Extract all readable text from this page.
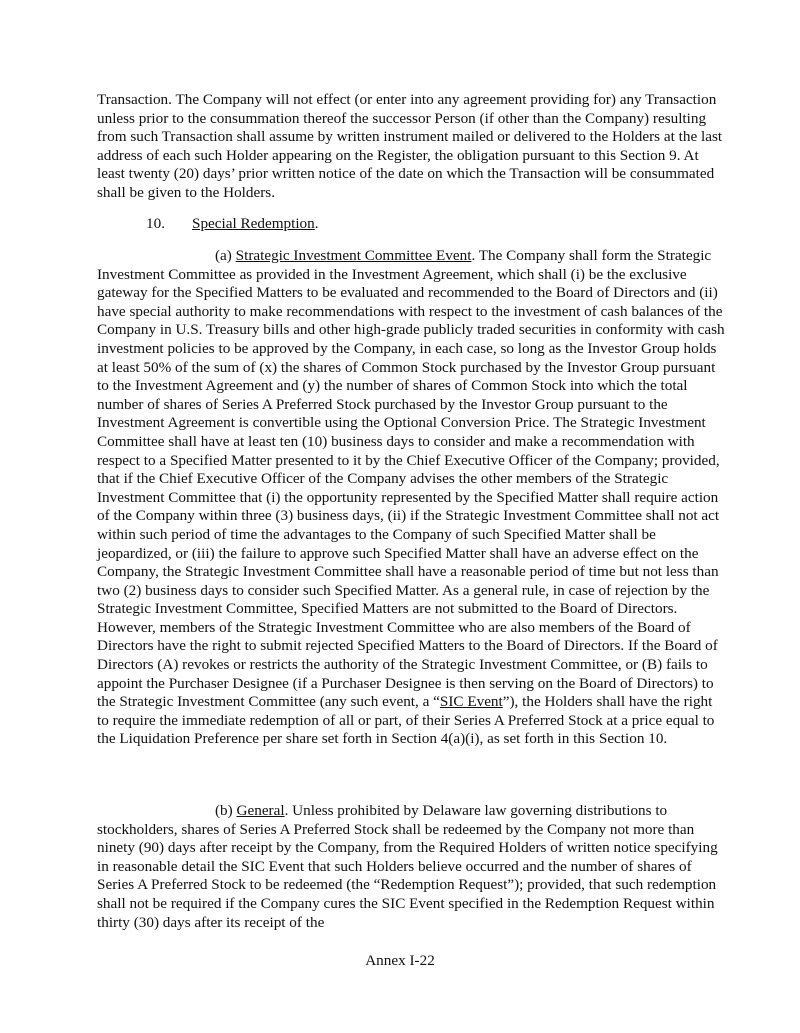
Transaction. The Company will not effect (or enter into any agreement providing for) any Transaction unless prior to the consummation thereof the successor Person (if other than the Company) resulting from such Transaction shall assume by written instrument mailed or delivered to the Holders at the last address of each such Holder appearing on the Register, the obligation pursuant to this Section 9. At least twenty (20) days’ prior written notice of the date on which the Transaction will be consummated shall be given to the Holders.

10. Special Redemption.

(a) Strategic Investment Committee Event. The Company shall form the Strategic Investment Committee as provided in the Investment Agreement, which shall (i) be the exclusive gateway for the Specified Matters to be evaluated and recommended to the Board of Directors and (ii) have special authority to make recommendations with respect to the investment of cash balances of the Company in U.S. Treasury bills and other high-grade publicly traded securities in conformity with cash investment policies to be approved by the Company, in each case, so long as the Investor Group holds at least 50% of the sum of (x) the shares of Common Stock purchased by the Investor Group pursuant to the Investment Agreement and (y) the number of shares of Common Stock into which the total number of shares of Series A Preferred Stock purchased by the Investor Group pursuant to the Investment Agreement is convertible using the Optional Conversion Price. The Strategic Investment Committee shall have at least ten (10) business days to consider and make a recommendation with respect to a Specified Matter presented to it by the Chief Executive Officer of the Company; provided, that if the Chief Executive Officer of the Company advises the other members of the Strategic Investment Committee that (i) the opportunity represented by the Specified Matter shall require action of the Company within three (3) business days, (ii) if the Strategic Investment Committee shall not act within such period of time the advantages to the Company of such Specified Matter shall be jeopardized, or (iii) the failure to approve such Specified Matter shall have an adverse effect on the Company, the Strategic Investment Committee shall have a reasonable period of time but not less than two (2) business days to consider such Specified Matter. As a general rule, in case of rejection by the Strategic Investment Committee, Specified Matters are not submitted to the Board of Directors. However, members of the Strategic Investment Committee who are also members of the Board of Directors have the right to submit rejected Specified Matters to the Board of Directors. If the Board of Directors (A) revokes or restricts the authority of the Strategic Investment Committee, or (B) fails to appoint the Purchaser Designee (if a Purchaser Designee is then serving on the Board of Directors) to the Strategic Investment Committee (any such event, a “SIC Event”), the Holders shall have the right to require the immediate redemption of all or part, of their Series A Preferred Stock at a price equal to the Liquidation Preference per share set forth in Section 4(a)(i), as set forth in this Section 10.

(b) General. Unless prohibited by Delaware law governing distributions to stockholders, shares of Series A Preferred Stock shall be redeemed by the Company not more than ninety (90) days after receipt by the Company, from the Required Holders of written notice specifying in reasonable detail the SIC Event that such Holders believe occurred and the number of shares of Series A Preferred Stock to be redeemed (the “Redemption Request”); provided, that such redemption shall not be required if the Company cures the SIC Event specified in the Redemption Request within thirty (30) days after its receipt of the

Annex I-22
